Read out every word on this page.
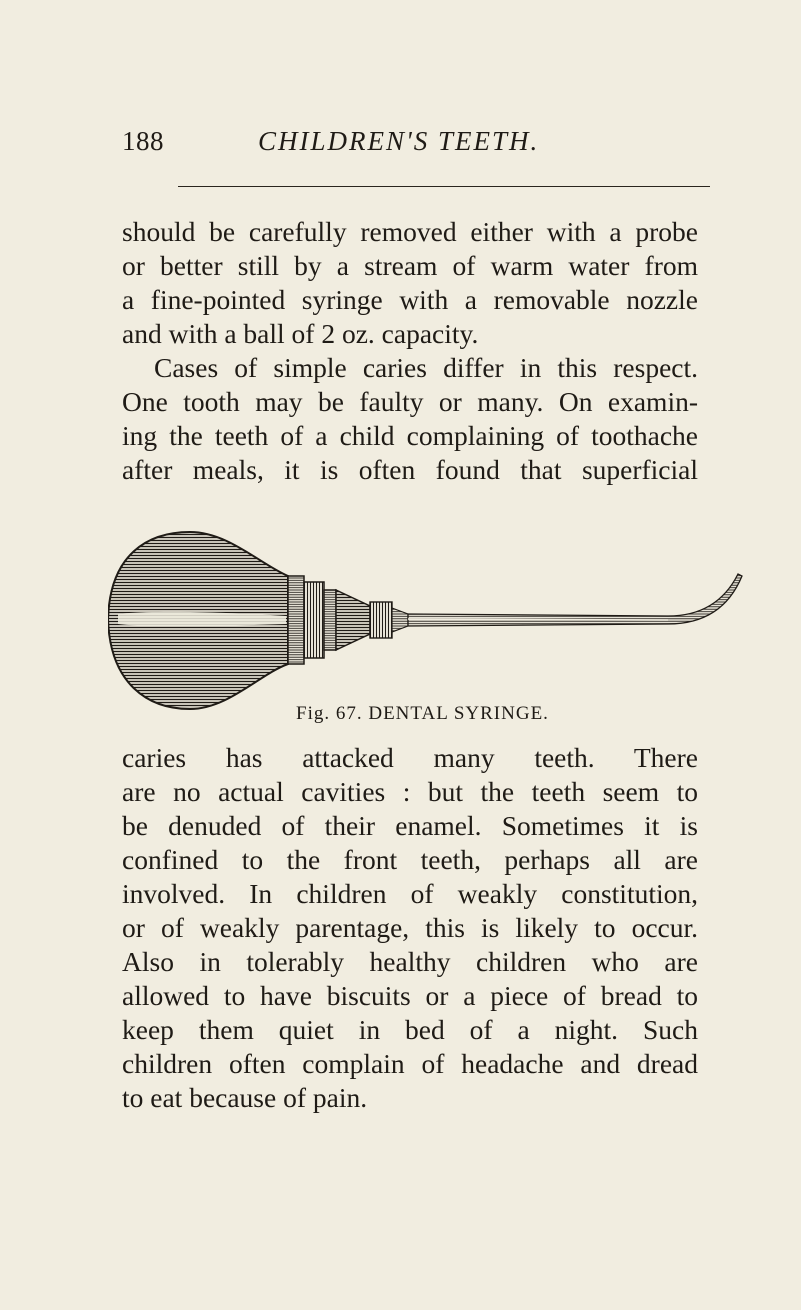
188	CHILDREN'S TEETH.
should be carefully removed either with a probe
or better still by a stream of warm water from
a fine-pointed syringe with a removable nozzle
and with a ball of 2 oz. capacity.
Cases of simple caries differ in this respect.
One tooth may be faulty or many. On examin-
ing the teeth of a child complaining of toothache
after meals, it is often found that superficial
Fig. 67. DENTAL SYRINGE.
caries has attacked many teeth. There
are no actual cavities : but the teeth seem to
be denuded of their enamel. Sometimes it is
confined to the front teeth, perhaps all are
involved. In children of weakly constitution,
or of weakly parentage, this is likely to occur.
Also in tolerably healthy children who are
allowed to have biscuits or a piece of bread to
keep them quiet in bed of a night. Such
children often complain of headache and dread
to eat because of pain.
